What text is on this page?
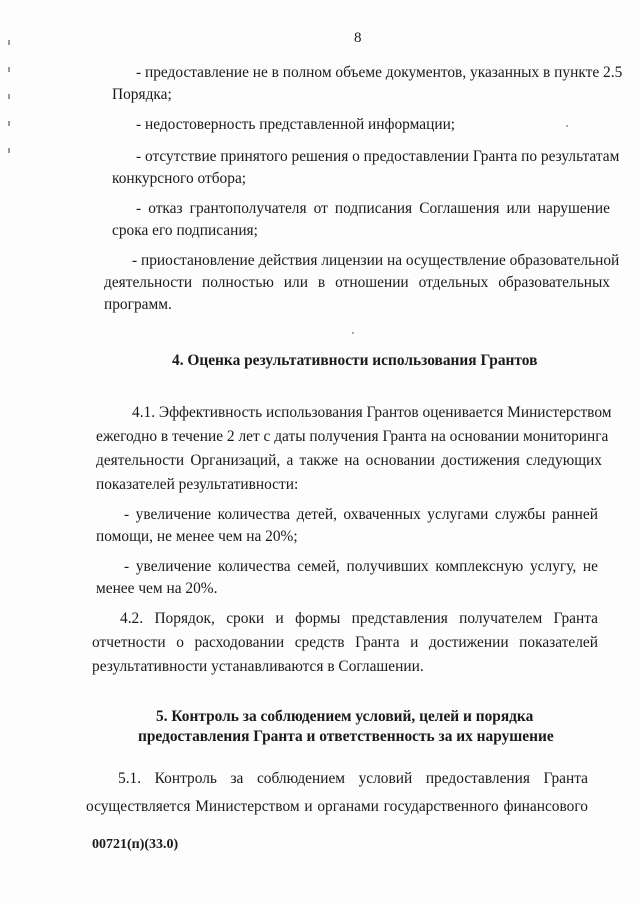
8
- предоставление не в полном объеме документов, указанных в пункте 2.5
Порядка;
- недостоверность представленной информации;
- отсутствие принятого решения о предоставлении Гранта по результатам
конкурсного отбора;
- отказ грантополучателя от подписания Соглашения или нарушение
срока его подписания;
- приостановление действия лицензии на осуществление образовательной
деятельности полностью или в отношении отдельных образовательных
программ.
4. Оценка результативности использования Грантов
4.1. Эффективность использования Грантов оценивается Министерством
ежегодно в течение 2 лет с даты получения Гранта на основании мониторинга
деятельности Организаций, а также на основании достижения следующих
показателей результативности:
- увеличение количества детей, охваченных услугами службы ранней
помощи, не менее чем на 20%;
- увеличение количества семей, получивших комплексную услугу, не
менее чем на 20%.
4.2. Порядок, сроки и формы представления получателем Гранта
отчетности о расходовании средств Гранта и достижении показателей
результативности устанавливаются в Соглашении.
5. Контроль за соблюдением условий, целей и порядка
предоставления Гранта и ответственность за их нарушение
5.1. Контроль за соблюдением условий предоставления Гранта
осуществляется Министерством и органами государственного финансового
00721(п)(33.0)
